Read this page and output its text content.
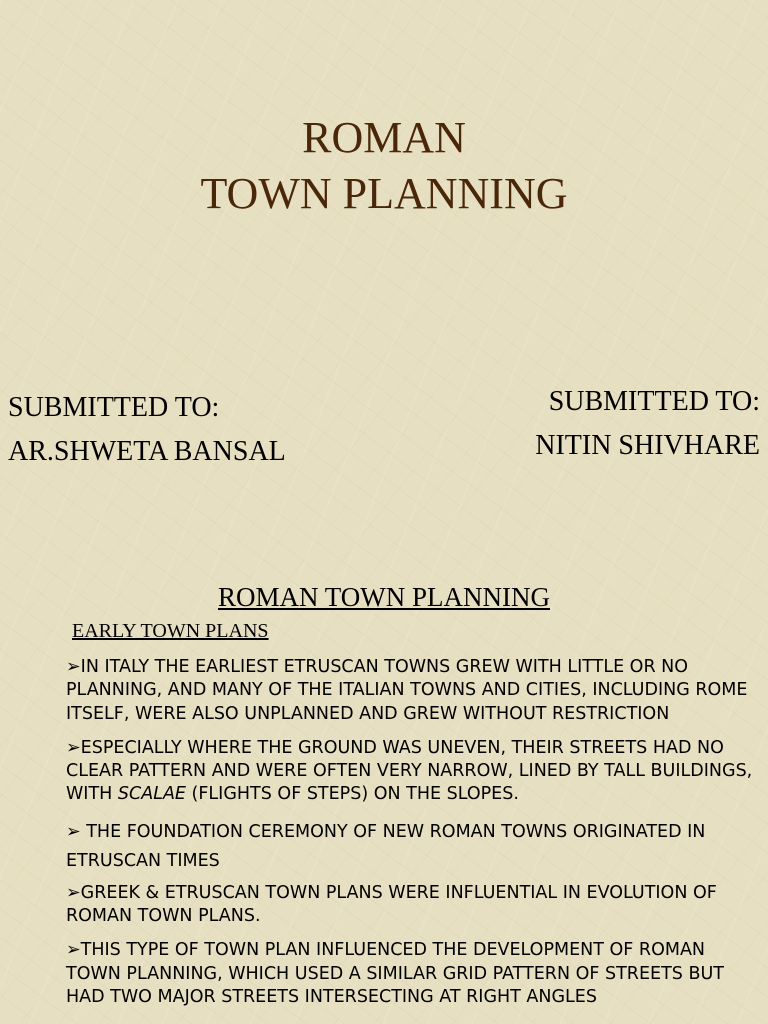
ROMAN
TOWN PLANNING
SUBMITTED TO:
AR.SHWETA BANSAL
SUBMITTED TO:
NITIN SHIVHARE
ROMAN TOWN PLANNING
EARLY TOWN PLANS
➢IN ITALY THE EARLIEST ETRUSCAN TOWNS GREW WITH LITTLE OR NO PLANNING, AND MANY OF THE ITALIAN TOWNS AND CITIES, INCLUDING ROME ITSELF, WERE ALSO UNPLANNED AND GREW WITHOUT RESTRICTION
➢ESPECIALLY WHERE THE GROUND WAS UNEVEN, THEIR STREETS HAD NO CLEAR PATTERN AND WERE OFTEN VERY NARROW, LINED BY TALL BUILDINGS, WITH SCALAE (FLIGHTS OF STEPS) ON THE SLOPES.
➢ THE FOUNDATION CEREMONY OF NEW ROMAN TOWNS ORIGINATED IN ETRUSCAN TIMES
➢GREEK & ETRUSCAN TOWN PLANS WERE INFLUENTIAL IN EVOLUTION OF ROMAN TOWN PLANS.
➢THIS TYPE OF TOWN PLAN INFLUENCED THE DEVELOPMENT OF ROMAN TOWN PLANNING, WHICH USED A SIMILAR GRID PATTERN OF STREETS BUT HAD TWO MAJOR STREETS INTERSECTING AT RIGHT ANGLES
